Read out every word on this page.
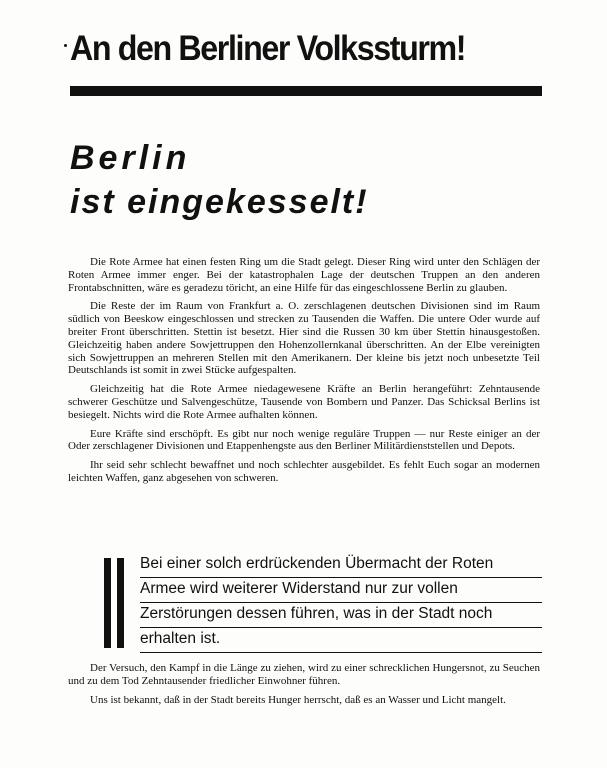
An den Berliner Volkssturm!
Berlin
ist eingekesselt!

Die Rote Armee hat einen festen Ring um die Stadt gelegt. Dieser Ring wird unter den Schlägen der Roten Armee immer enger. Bei der katastrophalen Lage der deutschen Truppen an den anderen Frontabschnitten, wäre es geradezu töricht, an eine Hilfe für das eingeschlossene Berlin zu glauben.

Die Reste der im Raum von Frankfurt a. O. zerschlagenen deutschen Divisionen sind im Raum südlich von Beeskow eingeschlossen und strecken zu Tausenden die Waffen. Die untere Oder wurde auf breiter Front überschritten. Stettin ist besetzt. Hier sind die Russen 30 km über Stettin hinausgestoßen. Gleichzeitig haben andere Sowjettruppen den Hohenzollernkanal überschritten. An der Elbe vereinigten sich Sowjettruppen an mehreren Stellen mit den Amerikanern. Der kleine bis jetzt noch unbesetzte Teil Deutschlands ist somit in zwei Stücke aufgespalten.

Gleichzeitig hat die Rote Armee niedagewesene Kräfte an Berlin herangeführt: Zehntausende schwerer Geschütze und Salvengeschütze, Tausende von Bombern und Panzer. Das Schicksal Berlins ist besiegelt. Nichts wird die Rote Armee aufhalten können.

Eure Kräfte sind erschöpft. Es gibt nur noch wenige reguläre Truppen — nur Reste einiger an der Oder zerschlagener Divisionen und Etappenhengste aus den Berliner Militärdienststellen und Depots.

Ihr seid sehr schlecht bewaffnet und noch schlechter ausgebildet. Es fehlt Euch sogar an modernen leichten Waffen, ganz abgesehen von schweren.

Bei einer solch erdrückenden Übermacht der Roten
Armee wird weiterer Widerstand nur zur vollen
Zerstörungen dessen führen, was in der Stadt noch
erhalten ist.

Der Versuch, den Kampf in die Länge zu ziehen, wird zu einer schrecklichen Hungersnot, zu Seuchen und zu dem Tod Zehntausender friedlicher Einwohner führen.

Uns ist bekannt, daß in der Stadt bereits Hunger herrscht, daß es an Wasser und Licht mangelt.
